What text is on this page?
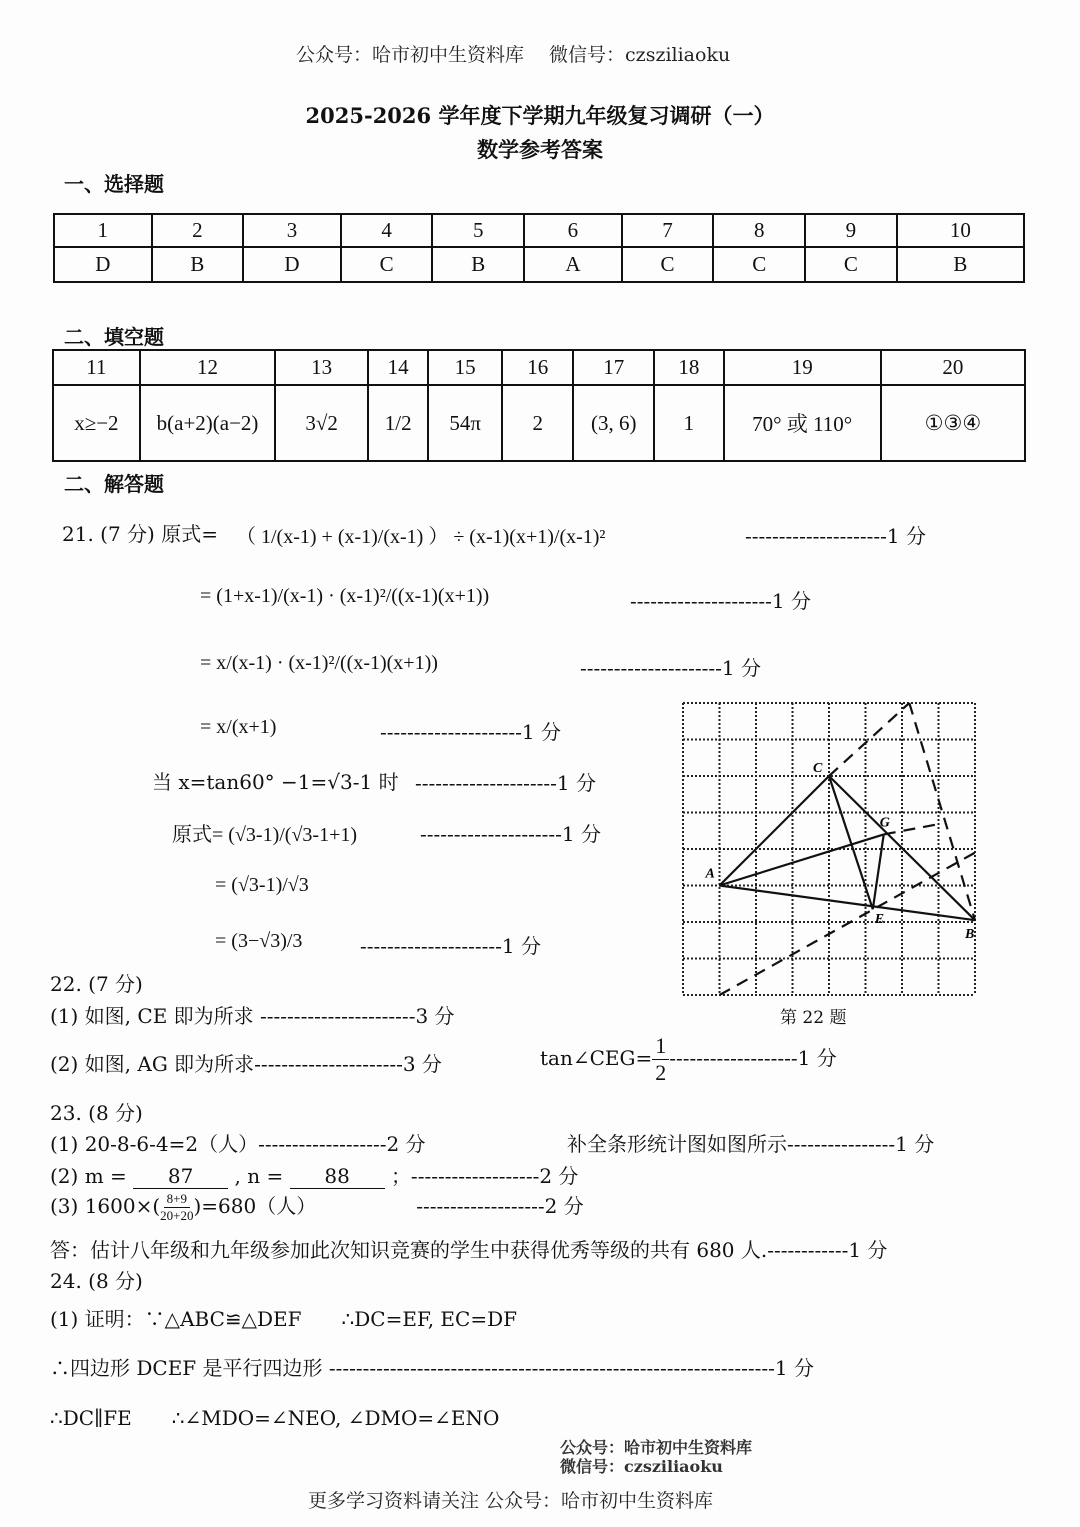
公众号：哈市初中生资料库　 微信号：czsziliaoku
2025-2026 学年度下学期九年级复习调研（一）
数学参考答案
一、选择题
1	2	3	4	5	6	7	8	9	10
D	B	D	C	B	A	C	C	C	B
二、填空题
11	12	13	14	15	16	17	18	19	20
x≥−2	b(a+2)(a−2)	3√2	1/2	54π	2	(3, 6)	1	70° 或 110°	①③④
二、解答题
21. (7 分) 原式= （ 1/(x-1) + (x-1)/(x-1) ） ÷ (x-1)(x+1)/(x-1)²
= (1+x-1)/(x-1) · (x-1)²/((x-1)(x+1))
= x/(x-1) · (x-1)²/((x-1)(x+1))
= x/(x+1)
当 x=tan60° −1=√3-1 时
原式= (√3-1)/(√3-1+1)
= (√3-1)/√3
= (3−√3)/3
---------------------1 分
---------------------1 分
---------------------1 分
---------------------1 分
---------------------1 分
---------------------1 分
---------------------1 分
A
B
C
E
G
第 22 题
公众号：哈市初中生资料库
微信号：czsziliaoku
22. (7 分)
(1) 如图, CE 即为所求 -----------------------3 分
(2) 如图, AG 即为所求----------------------3 分	tan∠CEG= $\frac{1}{2} -------------------1$ 分
23. (8 分)
(1) 20-8-6-4=2（人）-------------------2 分	补全条形统计图如图所示----------------1 分
(2) m = 87 , n = 88 ；-------------------2 分
(3) $1600\times( \frac{8+9}{20+20} )=680$（人）	-------------------2 分
答：估计八年级和九年级参加此次知识竞赛的学生中获得优秀等级的共有 680 人.------------1 分
24. (8 分)
(1) 证明：∵△ABC≌△DEF　　∴DC=EF, EC=DF
∴四边形 DCEF 是平行四边形 ------------------------------------------------------------------1 分
∴DC∥FE　　∴∠MDO=∠NEO, ∠DMO=∠ENO
更多学习资料请关注 公众号：哈市初中生资料库
